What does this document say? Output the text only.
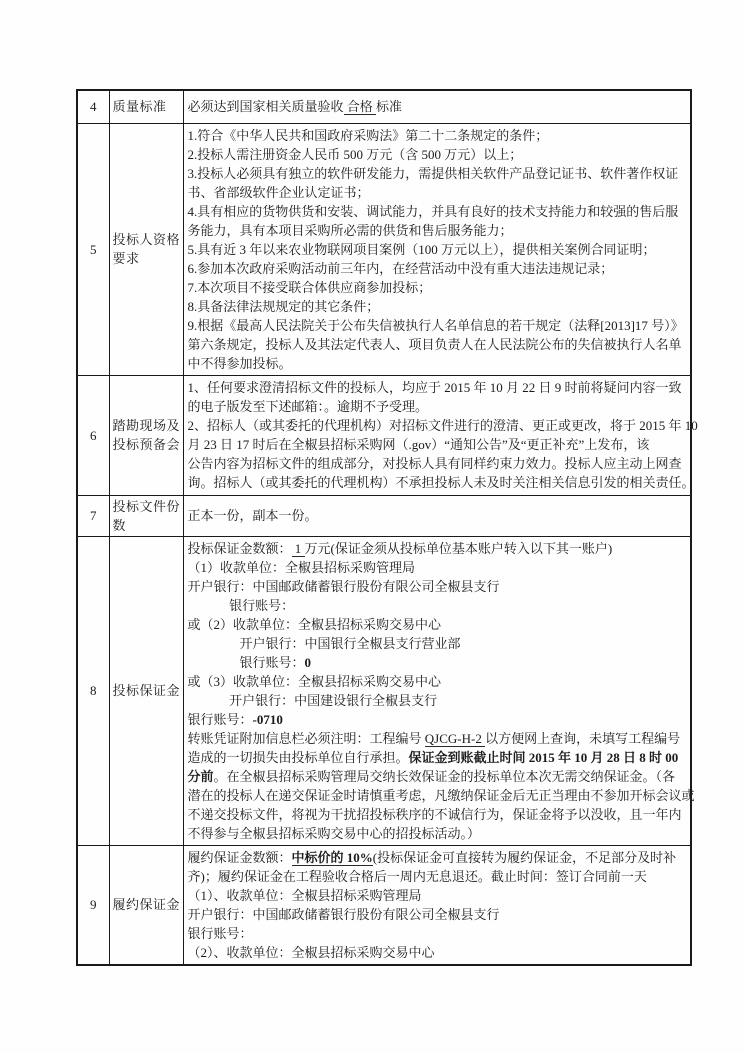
4	质量标准	必须达到国家相关质量验收 合格 标准

5	投标人资格要求	
1.符合《中华人民共和国政府采购法》第二十二条规定的条件；
2.投标人需注册资金人民币 500 万元（含 500 万元）以上；
3.投标人必须具有独立的软件研发能力，需提供相关软件产品登记证书、软件著作权证
书、省部级软件企业认定证书；
4.具有相应的货物供货和安装、调试能力，并具有良好的技术支持能力和较强的售后服
务能力，具有本项目采购所必需的供货和售后服务能力；
5.具有近 3 年以来农业物联网项目案例（100 万元以上），提供相关案例合同证明；
6.参加本次政府采购活动前三年内，在经营活动中没有重大违法违规记录；
7.本次项目不接受联合体供应商参加投标；
8.具备法律法规规定的其它条件；
9.根据《最高人民法院关于公布失信被执行人名单信息的若干规定（法释[2013]17 号）》
第六条规定，投标人及其法定代表人、项目负责人在人民法院公布的失信被执行人名单
中不得参加投标。

6	踏勘现场及投标预备会	
1、任何要求澄清招标文件的投标人，均应于 2015 年 10 月 22 日 9 时前将疑问内容一致
的电子版发至下述邮箱：。逾期不予受理。
2、招标人（或其委托的代理机构）对招标文件进行的澄清、更正或更改，将于 2015 年 10
月 23 日 17 时后在全椒县招标采购网（.gov）“通知公告”及“更正补充”上发布，该
公告内容为招标文件的组成部分，对投标人具有同样约束力效力。投标人应主动上网查
询。招标人（或其委托的代理机构）不承担投标人未及时关注相关信息引发的相关责任。

7	投标文件份数	正本一份，副本一份。

8	投标保证金	
投标保证金数额： 1 万元(保证金须从投标单位基本账户转入以下其一账户)
（1）收款单位：全椒县招标采购管理局
开户银行：中国邮政储蓄银行股份有限公司全椒县支行
银行账号：
或（2）收款单位：全椒县招标采购交易中心
开户银行：中国银行全椒县支行营业部
银行账号：0
或（3）收款单位：全椒县招标采购交易中心
开户银行：中国建设银行全椒县支行
银行账号：-0710
转账凭证附加信息栏必须注明：工程编号 QJCG-H-2 以方便网上查询，未填写工程编号
造成的一切损失由投标单位自行承担。保证金到账截止时间 2015 年 10 月 28 日 8 时 00
分前。在全椒县招标采购管理局交纳长效保证金的投标单位本次无需交纳保证金。（各
潜在的投标人在递交保证金时请慎重考虑，凡缴纳保证金后无正当理由不参加开标会议或
不递交投标文件，将视为干扰招投标秩序的不诚信行为，保证金将予以没收，且一年内
不得参与全椒县招标采购交易中心的招投标活动。）

9	履约保证金	
履约保证金数额：中标价的 10%(投标保证金可直接转为履约保证金，不足部分及时补
齐)；履约保证金在工程验收合格后一周内无息退还。截止时间：签订合同前一天
（1）、收款单位：全椒县招标采购管理局
开户银行：中国邮政储蓄银行股份有限公司全椒县支行
银行账号：
（2）、收款单位：全椒县招标采购交易中心
